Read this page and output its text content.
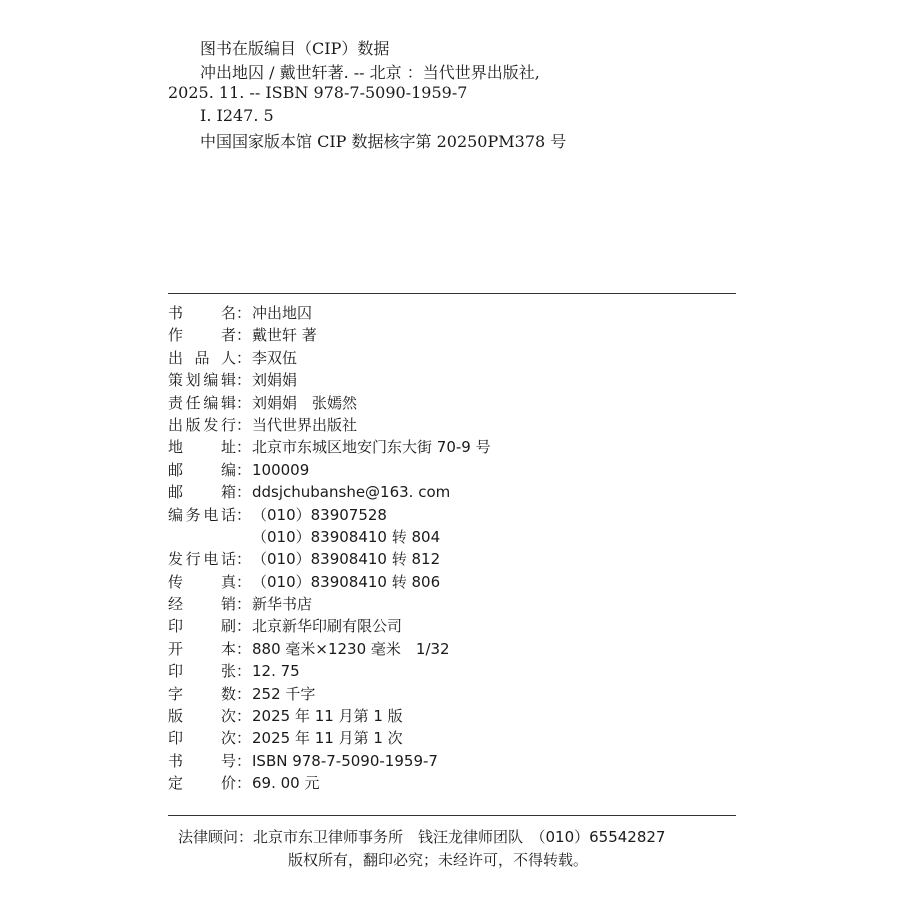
图书在版编目（CIP）数据
冲出地囚 / 戴世轩著. -- 北京 ：当代世界出版社,
2025. 11. -- ISBN 978-7-5090-1959-7
Ⅰ. I247. 5
中国国家版本馆 CIP 数据核字第 20250PM378 号
书	名 ： 冲出地囚
作	者 ： 戴世轩 著
出 品 人 ： 李双伍
策 划 编 辑 ： 刘娟娟
责 任 编 辑 ： 刘娟娟　张嫣然
出 版 发 行 ： 当代世界出版社
地	址 ： 北京市东城区地安门东大街 70-9 号
邮	编 ： 100009
邮	箱 ： ddsjchubanshe@163. com
编 务 电 话 ： （010）83907528
（010）83908410 转 804
发 行 电 话 ： （010）83908410 转 812
传	真 ： （010）83908410 转 806
经	销 ： 新华书店
印	刷 ： 北京新华印刷有限公司
开	本 ： 880 毫米×1230 毫米　1/32
印	张 ： 12. 75
字	数 ： 252 千字
版	次 ： 2025 年 11 月第 1 版
印	次 ： 2025 年 11 月第 1 次
书	号 ： ISBN 978-7-5090-1959-7
定	价 ： 69. 00 元
法律顾问：北京市东卫律师事务所　钱汪龙律师团队　（010）65542827
版权所有，翻印必究；未经许可，不得转载。
